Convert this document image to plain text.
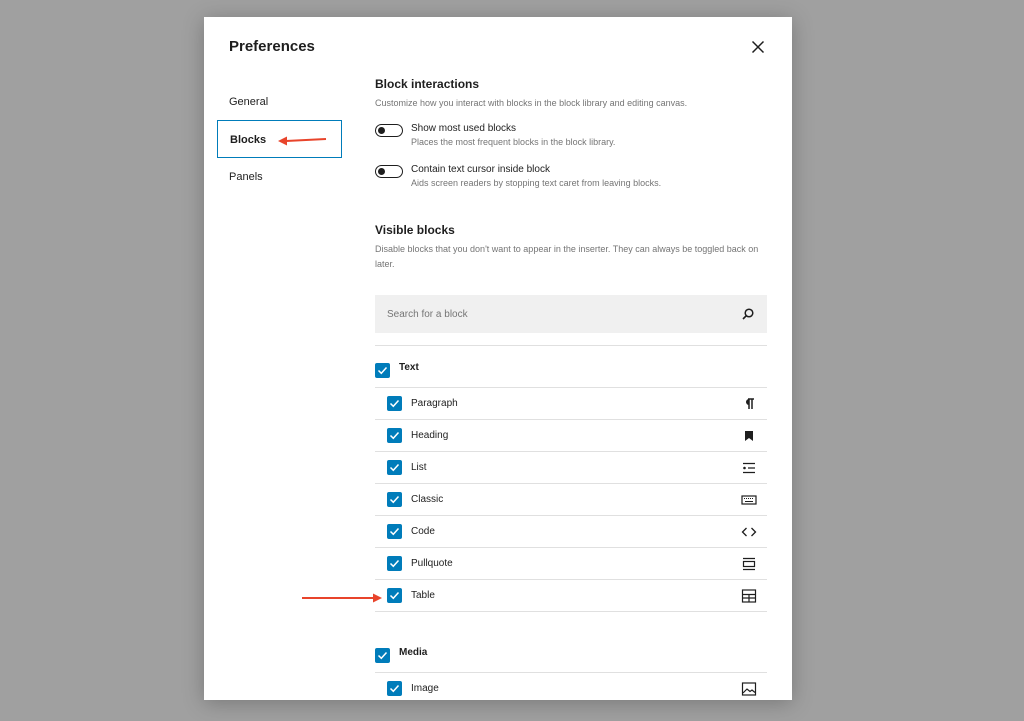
Preferences
General
Blocks
Panels
Block interactions
Customize how you interact with blocks in the block library and editing canvas.
Show most used blocks
Places the most frequent blocks in the block library.
Contain text cursor inside block
Aids screen readers by stopping text caret from leaving blocks.
Visible blocks
Disable blocks that you don't want to appear in the inserter. They can always be toggled back on later.
Search for a block
Text
Paragraph
Heading
List
Classic
Code
Pullquote
Table
Media
Image
